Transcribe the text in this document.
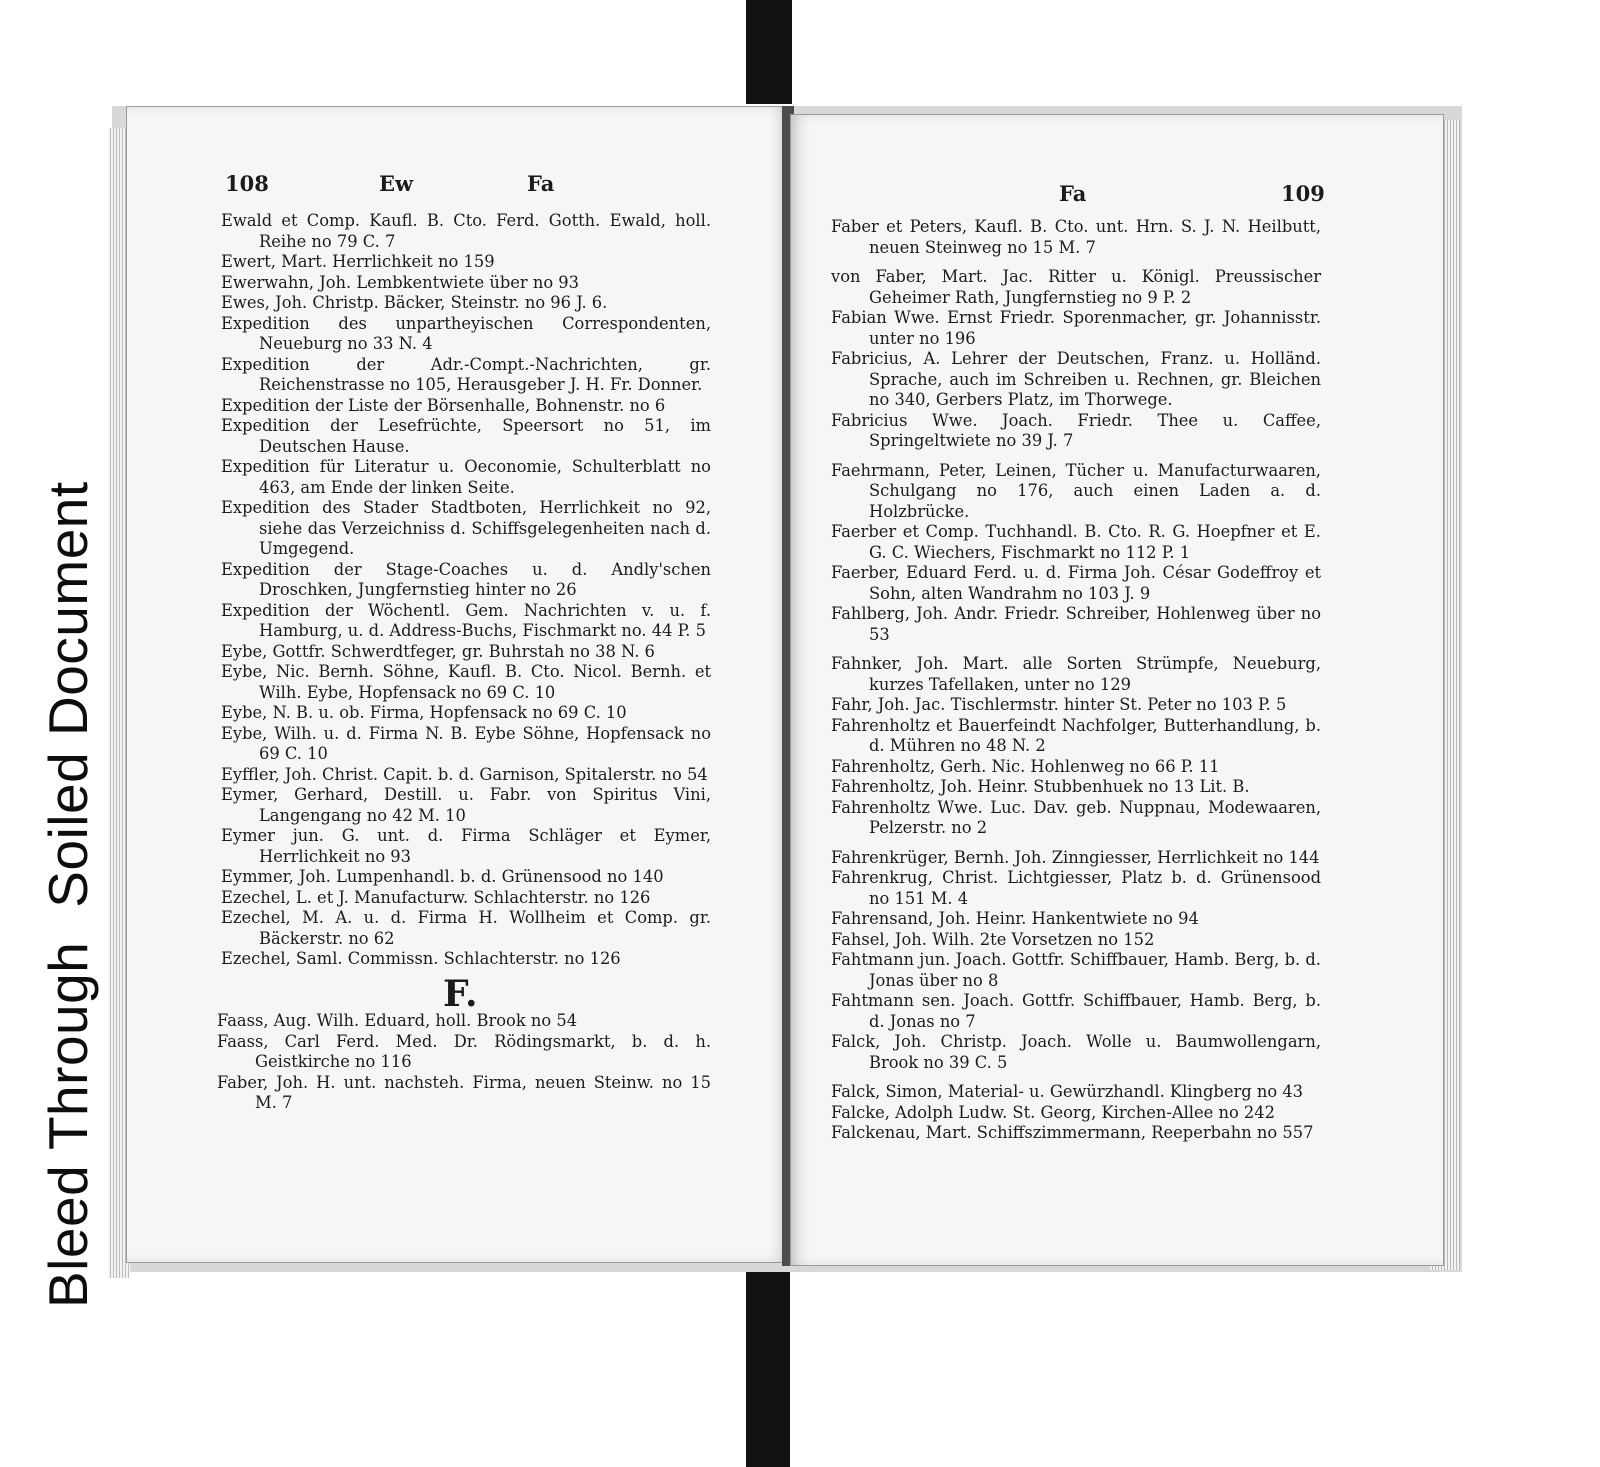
Bleed ThroughSoiled Document
108	Ew	Fa
Ewald et Comp. Kaufl. B. Cto. Ferd. Gotth. Ewald, holl. Reihe no 79 C. 7
Ewert, Mart. Herrlichkeit no 159
Ewerwahn, Joh. Lembkentwiete über no 93
Ewes, Joh. Christp. Bäcker, Steinstr. no 96 J. 6.
Expedition des unpartheyischen Correspondenten, Neueburg no 33 N. 4
Expedition der Adr.-Compt.-Nachrichten, gr. Reichenstrasse no 105, Herausgeber J. H. Fr. Donner.
Expedition der Liste der Börsenhalle, Bohnenstr. no 6
Expedition der Lesefrüchte, Speersort no 51, im Deutschen Hause.
Expedition für Literatur u. Oeconomie, Schulterblatt no 463, am Ende der linken Seite.
Expedition des Stader Stadtboten, Herrlichkeit no 92, siehe das Verzeichniss d. Schiffsgelegenheiten nach d. Umgegend.
Expedition der Stage-Coaches u. d. Andly'schen Droschken, Jungfernstieg hinter no 26
Expedition der Wöchentl. Gem. Nachrichten v. u. f. Hamburg, u. d. Address-Buchs, Fischmarkt no. 44 P. 5
Eybe, Gottfr. Schwerdtfeger, gr. Buhrstah no 38 N. 6
Eybe, Nic. Bernh. Söhne, Kaufl. B. Cto. Nicol. Bernh. et Wilh. Eybe, Hopfensack no 69 C. 10
Eybe, N. B. u. ob. Firma, Hopfensack no 69 C. 10
Eybe, Wilh. u. d. Firma N. B. Eybe Söhne, Hopfensack no 69 C. 10
Eyffler, Joh. Christ. Capit. b. d. Garnison, Spitalerstr. no 54
Eymer, Gerhard, Destill. u. Fabr. von Spiritus Vini, Langengang no 42 M. 10
Eymer jun. G. unt. d. Firma Schläger et Eymer, Herrlichkeit no 93
Eymmer, Joh. Lumpenhandl. b. d. Grünensood no 140
Ezechel, L. et J. Manufacturw. Schlachterstr. no 126
Ezechel, M. A. u. d. Firma H. Wollheim et Comp. gr. Bäckerstr. no 62
Ezechel, Saml. Commissn. Schlachterstr. no 126
F.
Faass, Aug. Wilh. Eduard, holl. Brook no 54
Faass, Carl Ferd. Med. Dr. Rödingsmarkt, b. d. h. Geistkirche no 116
Faber, Joh. H. unt. nachsteh. Firma, neuen Steinw. no 15 M. 7
Fa	109
Faber et Peters, Kaufl. B. Cto. unt. Hrn. S. J. N. Heilbutt, neuen Steinweg no 15 M. 7
von Faber, Mart. Jac. Ritter u. Königl. Preussischer Geheimer Rath, Jungfernstieg no 9 P. 2
Fabian Wwe. Ernst Friedr. Sporenmacher, gr. Johannisstr. unter no 196
Fabricius, A. Lehrer der Deutschen, Franz. u. Holländ. Sprache, auch im Schreiben u. Rechnen, gr. Bleichen no 340, Gerbers Platz, im Thorwege.
Fabricius Wwe. Joach. Friedr. Thee u. Caffee, Springeltwiete no 39 J. 7
Faehrmann, Peter, Leinen, Tücher u. Manufacturwaaren, Schulgang no 176, auch einen Laden a. d. Holzbrücke.
Faerber et Comp. Tuchhandl. B. Cto. R. G. Hoepfner et E. G. C. Wiechers, Fischmarkt no 112 P. 1
Faerber, Eduard Ferd. u. d. Firma Joh. César Godeffroy et Sohn, alten Wandrahm no 103 J. 9
Fahlberg, Joh. Andr. Friedr. Schreiber, Hohlenweg über no 53
Fahnker, Joh. Mart. alle Sorten Strümpfe, Neueburg, kurzes Tafellaken, unter no 129
Fahr, Joh. Jac. Tischlermstr. hinter St. Peter no 103 P. 5
Fahrenholtz et Bauerfeindt Nachfolger, Butterhandlung, b. d. Mühren no 48 N. 2
Fahrenholtz, Gerh. Nic. Hohlenweg no 66 P. 11
Fahrenholtz, Joh. Heinr. Stubbenhuek no 13 Lit. B.
Fahrenholtz Wwe. Luc. Dav. geb. Nuppnau, Modewaaren, Pelzerstr. no 2
Fahrenkrüger, Bernh. Joh. Zinngiesser, Herrlichkeit no 144
Fahrenkrug, Christ. Lichtgiesser, Platz b. d. Grünensood no 151 M. 4
Fahrensand, Joh. Heinr. Hankentwiete no 94
Fahsel, Joh. Wilh. 2te Vorsetzen no 152
Fahtmann jun. Joach. Gottfr. Schiffbauer, Hamb. Berg, b. d. Jonas über no 8
Fahtmann sen. Joach. Gottfr. Schiffbauer, Hamb. Berg, b. d. Jonas no 7
Falck, Joh. Christp. Joach. Wolle u. Baumwollengarn, Brook no 39 C. 5
Falck, Simon, Material- u. Gewürzhandl. Klingberg no 43
Falcke, Adolph Ludw. St. Georg, Kirchen-Allee no 242
Falckenau, Mart. Schiffszimmermann, Reeperbahn no 557
